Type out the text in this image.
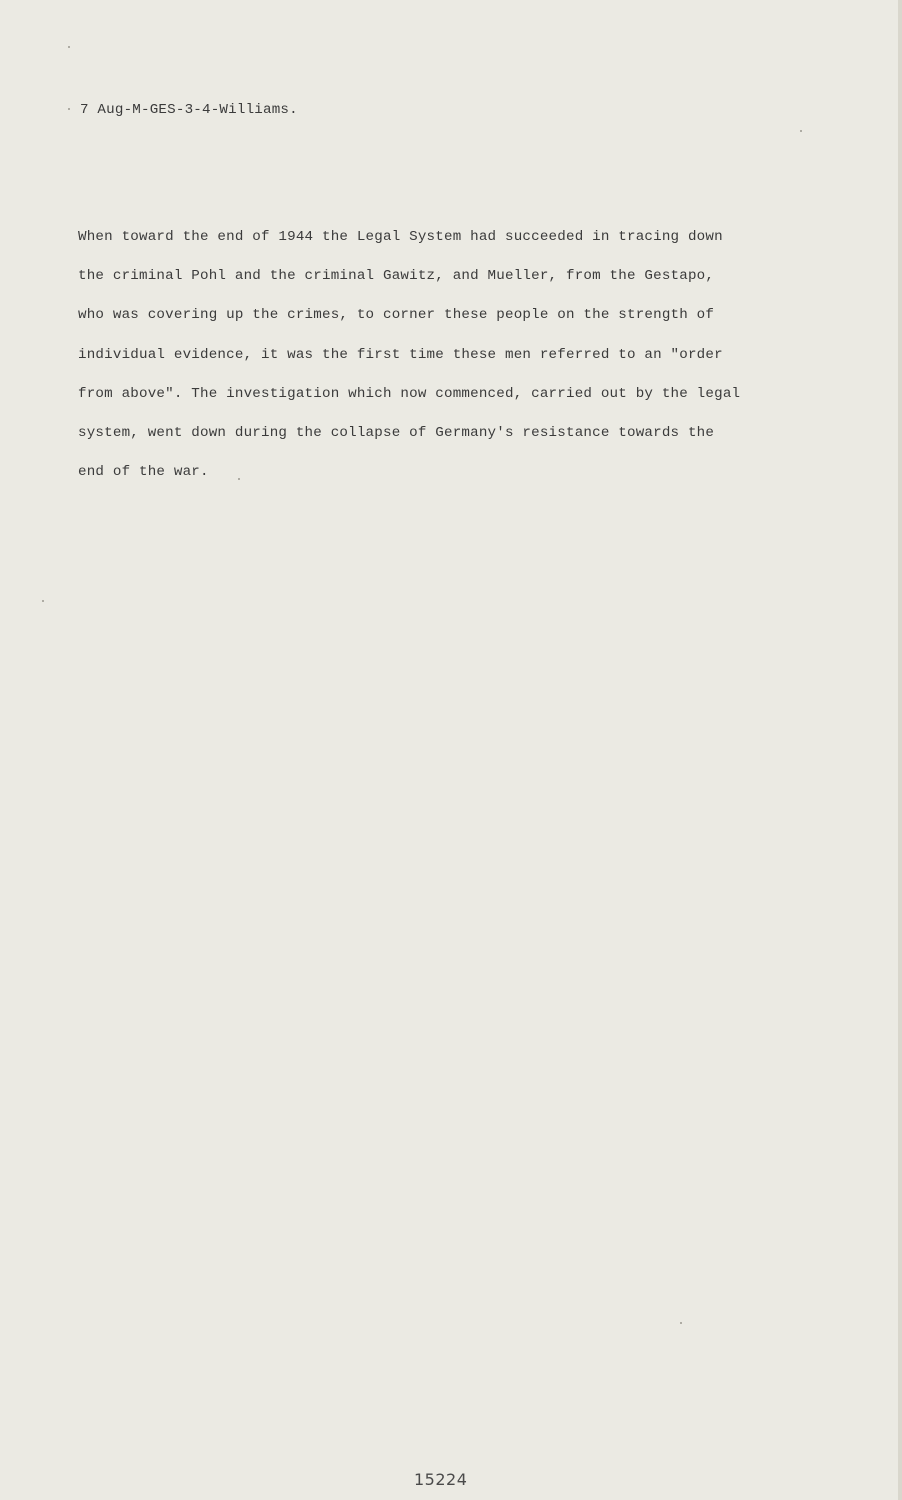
7 Aug-M-GES-3-4-Williams.
When toward the end of 1944 the Legal System had succeeded in tracing down
the criminal Pohl and the criminal Gawitz, and Mueller, from the Gestapo,
who was covering up the crimes, to corner these people on the strength of
individual evidence, it was the first time these men referred to an "order
from above". The investigation which now commenced, carried out by the legal
system, went down during the collapse of Germany's resistance towards the
end of the war.
15224
